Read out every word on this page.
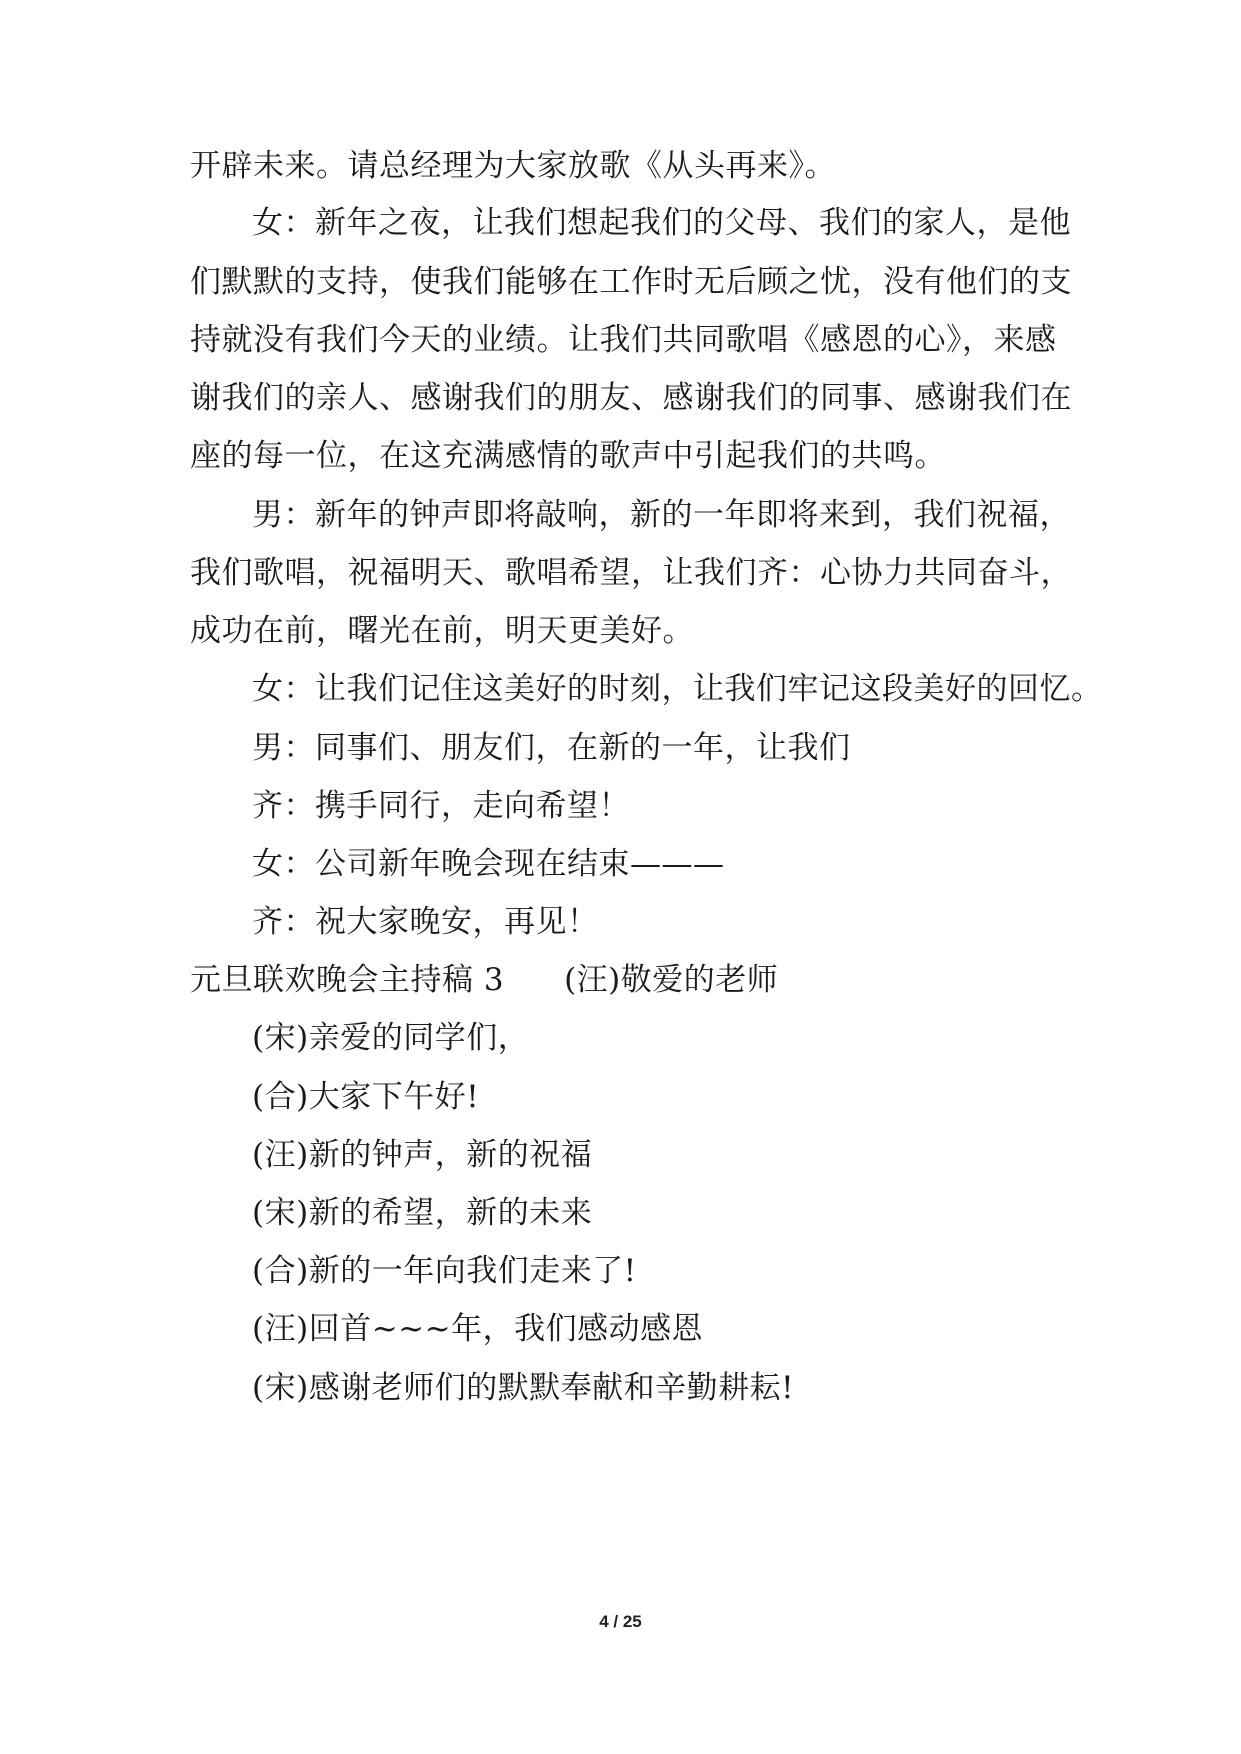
开辟未来。请总经理为大家放歌《从头再来》。
女：新年之夜，让我们想起我们的父母、我们的家人，是他
们默默的支持，使我们能够在工作时无后顾之忧，没有他们的支
持就没有我们今天的业绩。让我们共同歌唱《感恩的心》，来感
谢我们的亲人、感谢我们的朋友、感谢我们的同事、感谢我们在
座的每一位，在这充满感情的歌声中引起我们的共鸣。
男：新年的钟声即将敲响，新的一年即将来到，我们祝福，
我们歌唱，祝福明天、歌唱希望，让我们齐：心协力共同奋斗，
成功在前，曙光在前，明天更美好。
女：让我们记住这美好的时刻，让我们牢记这段美好的回忆。
男：同事们、朋友们，在新的一年，让我们
齐：携手同行，走向希望！
女：公司新年晚会现在结束———
齐：祝大家晚安，再见！
元旦联欢晚会主持稿 3 (汪)敬爱的老师
(宋)亲爱的同学们，
(合)大家下午好!
(汪)新的钟声，新的祝福
(宋)新的希望，新的未来
(合)新的一年向我们走来了!
(汪)回首~~~年，我们感动感恩
(宋)感谢老师们的默默奉献和辛勤耕耘!
4 / 25
